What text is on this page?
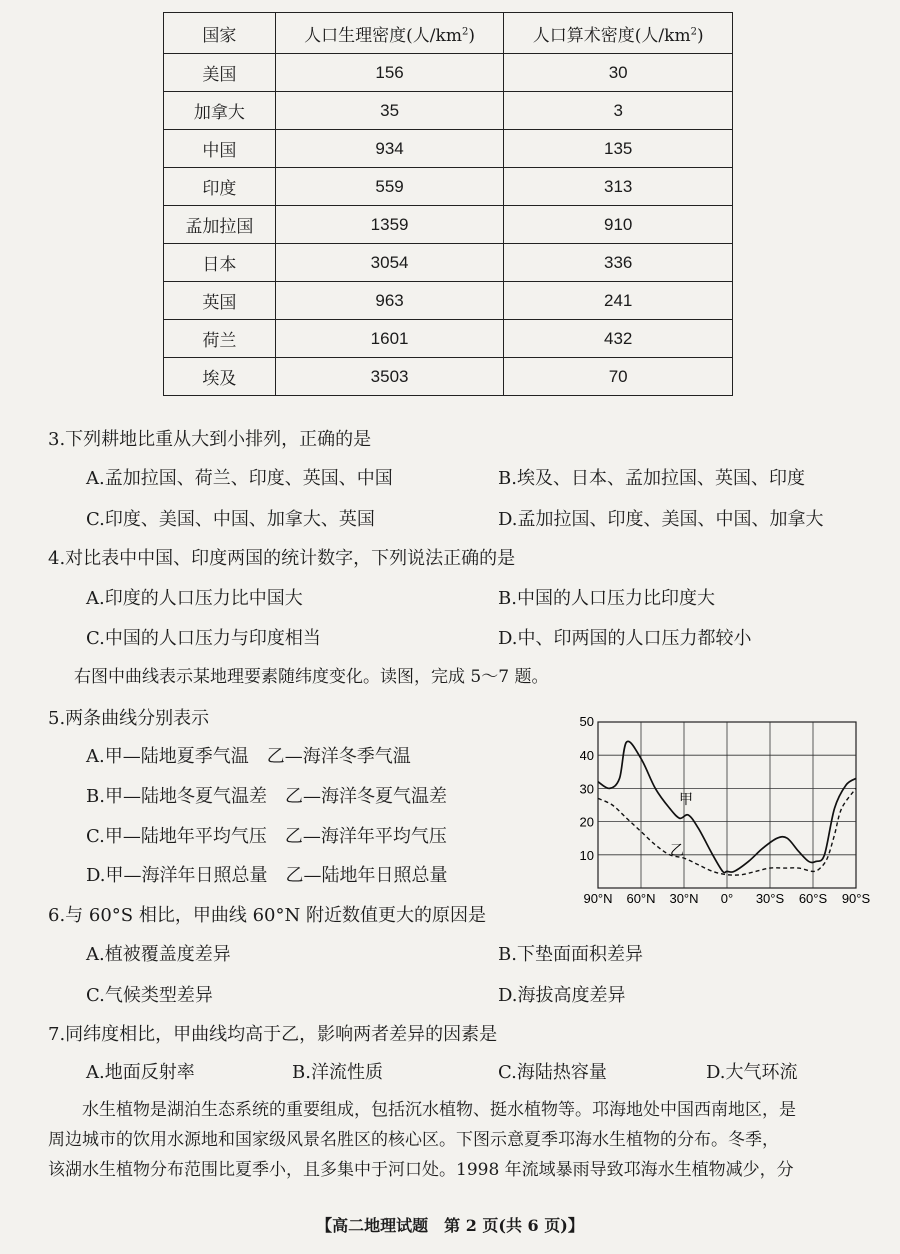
国家	人口生理密度(人$/km^2$)	人口算术密度(人$/km^2$)
美国	156	30
加拿大	35	3
中国	934	135
印度	559	313
孟加拉国	1359	910
日本	3054	336
英国	963	241
荷兰	1601	432
埃及	3503	70
3.下列耕地比重从大到小排列，正确的是
A.孟加拉国、荷兰、印度、英国、中国	B.埃及、日本、孟加拉国、英国、印度
C.印度、美国、中国、加拿大、英国	D.孟加拉国、印度、美国、中国、加拿大
4.对比表中中国、印度两国的统计数字，下列说法正确的是
A.印度的人口压力比中国大	B.中国的人口压力比印度大
C.中国的人口压力与印度相当	D.中、印两国的人口压力都较小
右图中曲线表示某地理要素随纬度变化。读图，完成 5～7 题。
5.两条曲线分别表示
A.甲—陆地夏季气温　乙—海洋冬季气温
B.甲—陆地冬夏气温差　乙—海洋冬夏气温差
C.甲—陆地年平均气压　乙—海洋年平均气压
D.甲—海洋年日照总量　乙—陆地年日照总量
90°N 60°N 30°N 0° 30°S 60°S 90°S
10
20
30
40
50
甲
乙
6.与 60°S 相比，甲曲线 60°N 附近数值更大的原因是
A.植被覆盖度差异	B.下垫面面积差异
C.气候类型差异	D.海拔高度差异
7.同纬度相比，甲曲线均高于乙，影响两者差异的因素是
A.地面反射率	B.洋流性质	C.海陆热容量	D.大气环流

水生植物是湖泊生态系统的重要组成，包括沉水植物、挺水植物等。邛海地处中国西南地区，是

周边城市的饮用水源地和国家级风景名胜区的核心区。下图示意夏季邛海水生植物的分布。冬季，

该湖水生植物分布范围比夏季小，且多集中于河口处。1998 年流域暴雨导致邛海水生植物减少，分

【高二地理试题　第 2 页(共 6 页)】
